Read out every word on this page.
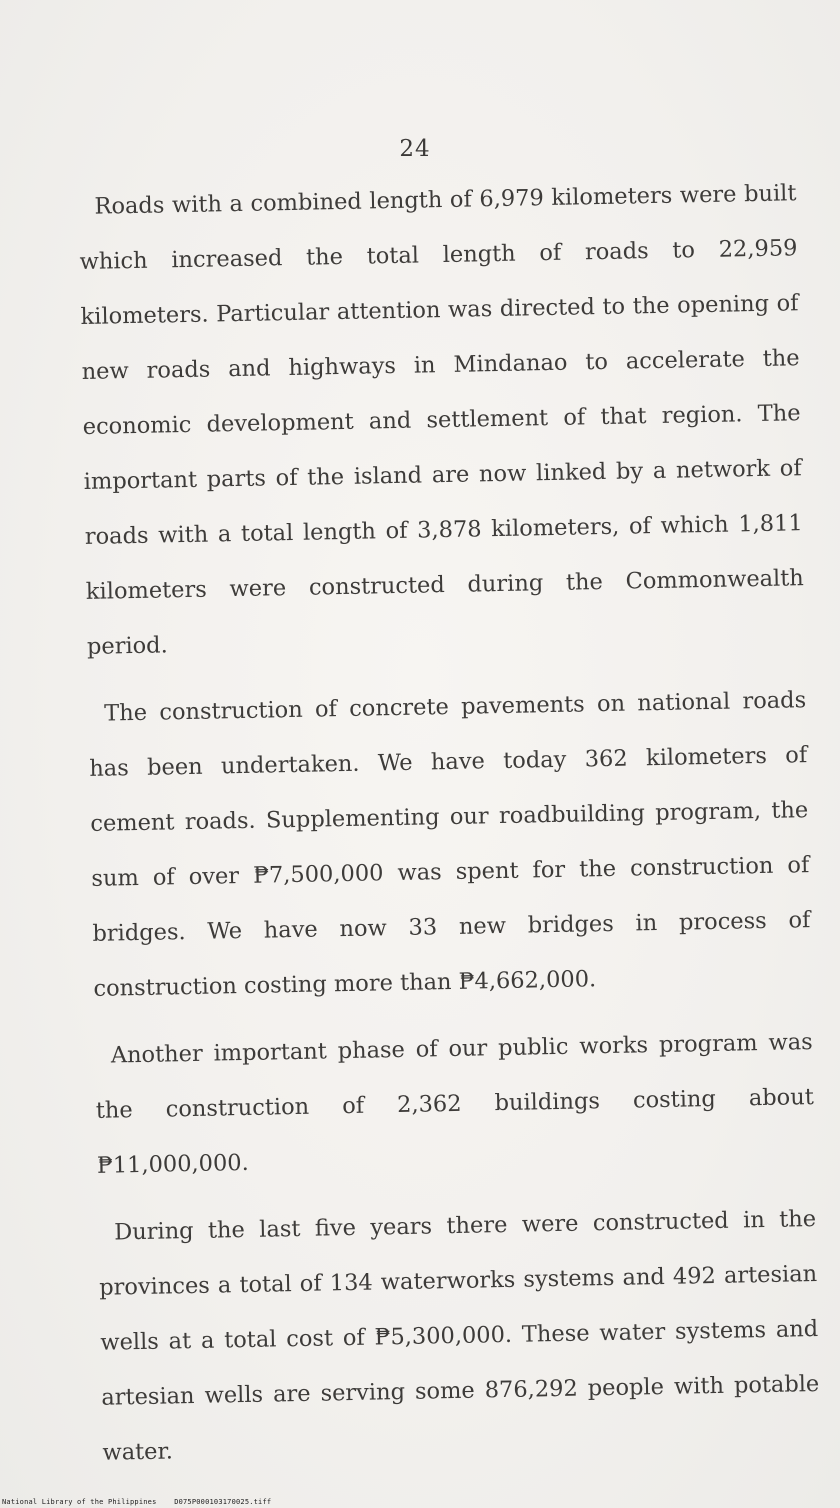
24

Roads with a combined length of 6,979 kilometers were built which increased the total length of roads to 22,959 kilometers. Particular attention was directed to the opening of new roads and highways in Mindanao to accelerate the economic development and settlement of that region. The important parts of the island are now linked by a network of roads with a total length of 3,878 kilometers, of which 1,811 kilometers were constructed during the Commonwealth period.

The construction of concrete pavements on national roads has been undertaken. We have today 362 kilometers of cement roads. Supplementing our roadbuilding program, the sum of over ₱7,500,000 was spent for the construction of bridges. We have now 33 new bridges in process of construction costing more than ₱4,662,000.

Another important phase of our public works program was the construction of 2,362 buildings costing about ₱11,000,000.

During the last five years there were constructed in the provinces a total of 134 waterworks systems and 492 artesian wells at a total cost of ₱5,300,000. These water systems and artesian wells are serving some 876,292 people with potable water.

National Library of the Philippines	D075P000103170025.tiff
